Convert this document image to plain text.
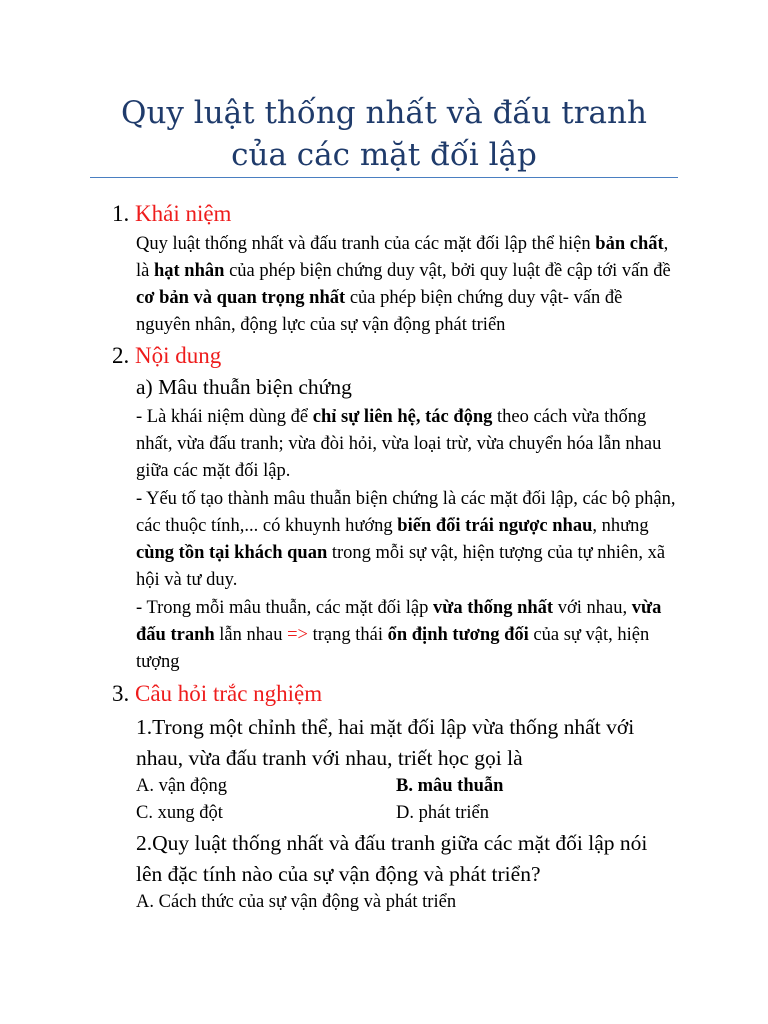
Quy luật thống nhất và đấu tranh của các mặt đối lập
1. Khái niệm
Quy luật thống nhất và đấu tranh của các mặt đối lập thể hiện bản chất, là hạt nhân của phép biện chứng duy vật, bởi quy luật đề cập tới vấn đề cơ bản và quan trọng nhất của phép biện chứng duy vật- vấn đề nguyên nhân, động lực của sự vận động phát triển
2. Nội dung
a) Mâu thuẫn biện chứng
- Là khái niệm dùng để chỉ sự liên hệ, tác động theo cách vừa thống nhất, vừa đấu tranh; vừa đòi hỏi, vừa loại trừ, vừa chuyển hóa lẫn nhau giữa các mặt đối lập.
- Yếu tố tạo thành mâu thuẫn biện chứng là các mặt đối lập, các bộ phận, các thuộc tính,... có khuynh hướng biến đổi trái ngược nhau, nhưng cùng tồn tại khách quan trong mỗi sự vật, hiện tượng của tự nhiên, xã hội và tư duy.
- Trong mỗi mâu thuẫn, các mặt đối lập vừa thống nhất với nhau, vừa đấu tranh lẫn nhau => trạng thái ổn định tương đối của sự vật, hiện tượng
3. Câu hỏi trắc nghiệm
1.Trong một chỉnh thể, hai mặt đối lập vừa thống nhất với nhau, vừa đấu tranh với nhau, triết học gọi là
A. vận động	B. mâu thuẫn
C. xung đột	D. phát triển
2.Quy luật thống nhất và đấu tranh giữa các mặt đối lập nói lên đặc tính nào của sự vận động và phát triển?
A. Cách thức của sự vận động và phát triển
